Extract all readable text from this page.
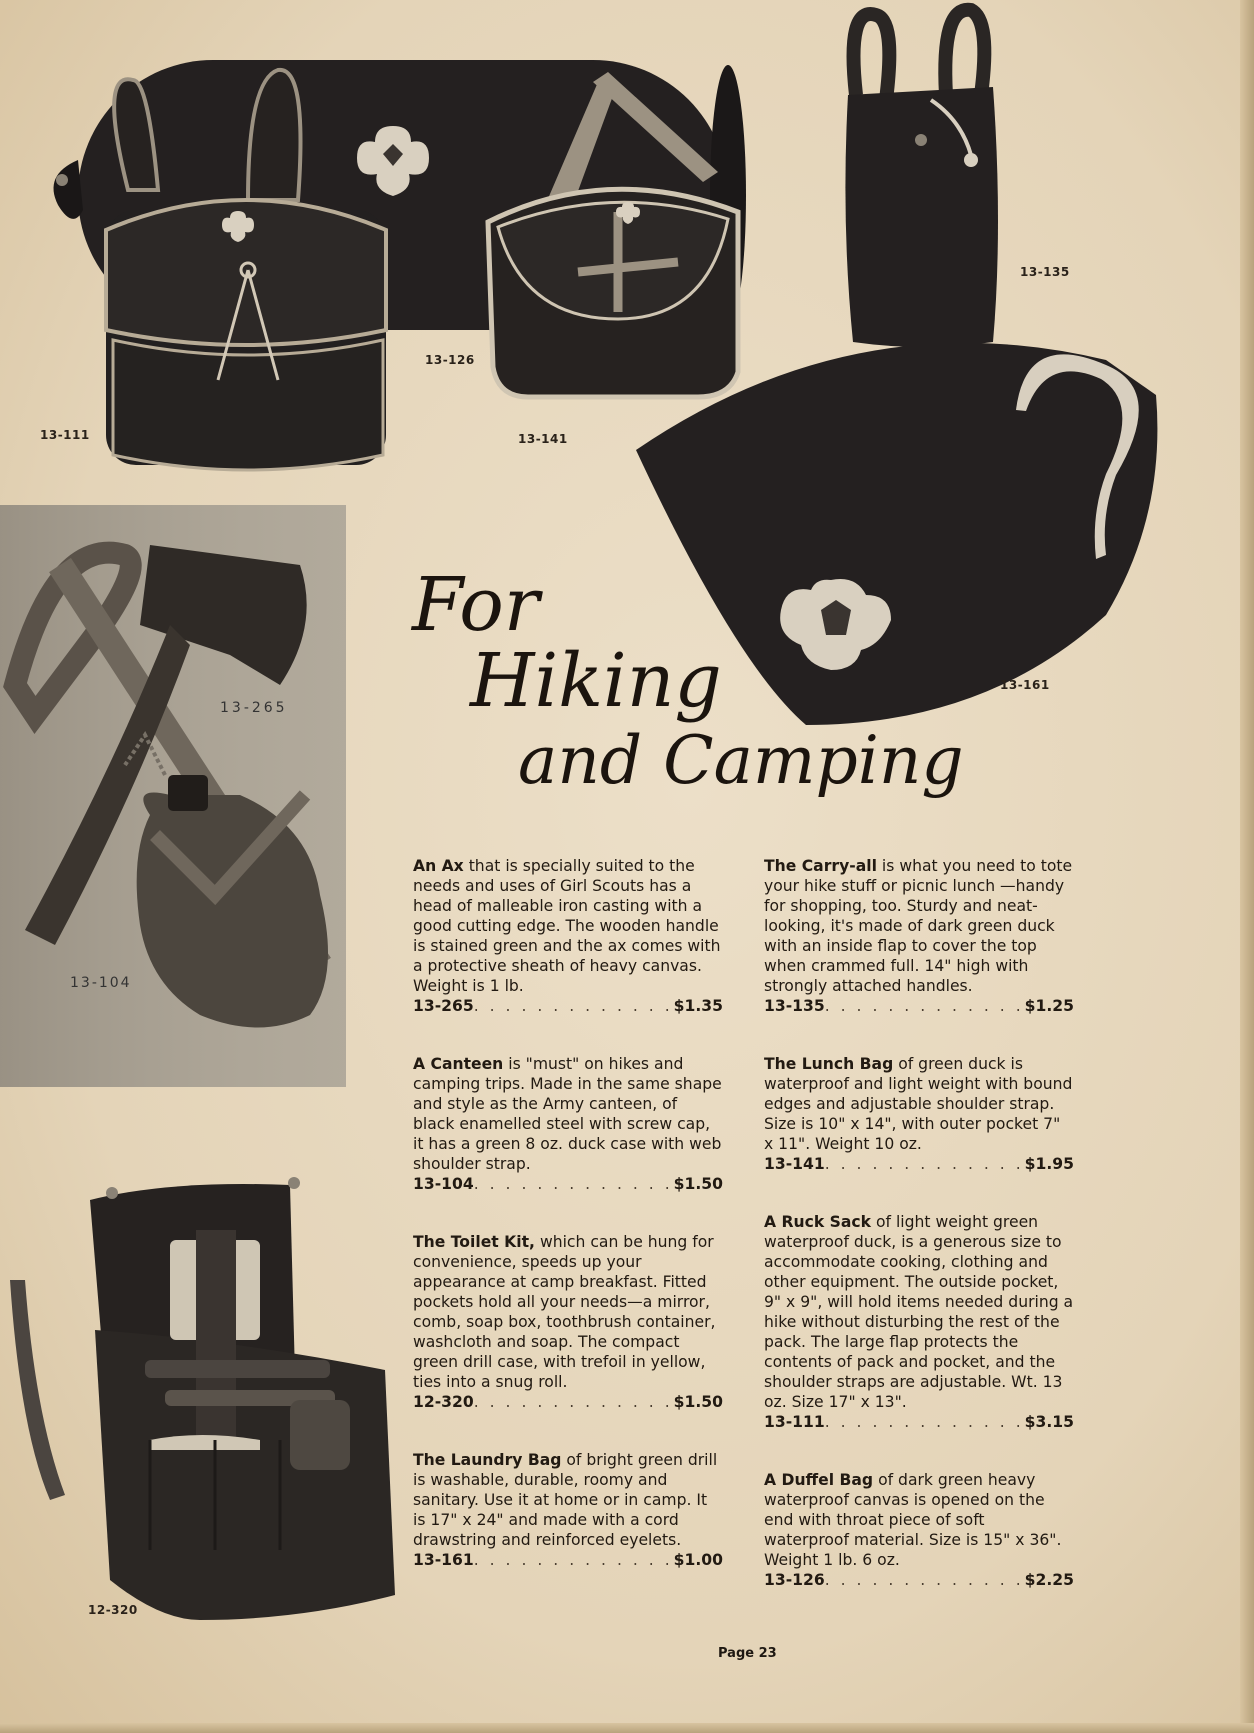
13-111
13-126
13-141
13-135
13-161
13-265
13-104
12-320
For
Hiking
and Camping
An Ax that is specially suited to the needs and uses of Girl Scouts has a head of malleable iron casting with a good cutting edge. The wooden handle is stained green and the ax comes with a protective sheath of heavy canvas. Weight is 1 lb.
13-265 . . .	$1.35
A Canteen is "must" on hikes and camping trips. Made in the same shape and style as the Army canteen, of black enamelled steel with screw cap, it has a green 8 oz. duck case with web shoulder strap.
13-104 . . .	$1.50
The Toilet Kit, which can be hung for convenience, speeds up your appearance at camp breakfast. Fitted pockets hold all your needs—a mirror, comb, soap box, toothbrush container, washcloth and soap. The compact green drill case, with trefoil in yellow, ties into a snug roll.
12-320 . . .	$1.50
The Laundry Bag of bright green drill is washable, durable, roomy and sanitary. Use it at home or in camp. It is 17" x 24" and made with a cord drawstring and reinforced eyelets.
13-161 . . .	$1.00
The Carry-all is what you need to tote your hike stuff or picnic lunch —handy for shopping, too. Sturdy and neat-looking, it's made of dark green duck with an inside flap to cover the top when crammed full. 14" high with strongly attached handles.
13-135 . . .	$1.25
The Lunch Bag of green duck is waterproof and light weight with bound edges and adjustable shoulder strap. Size is 10" x 14", with outer pocket 7" x 11". Weight 10 oz.
13-141 . . .	$1.95
A Ruck Sack of light weight green waterproof duck, is a generous size to accommodate cooking, clothing and other equipment. The outside pocket, 9" x 9", will hold items needed during a hike without disturbing the rest of the pack. The large flap protects the contents of pack and pocket, and the shoulder straps are adjustable. Wt. 13 oz. Size 17" x 13".
13-111 . . .	$3.15
A Duffel Bag of dark green heavy waterproof canvas is opened on the end with throat piece of soft waterproof material. Size is 15" x 36". Weight 1 lb. 6 oz.
13-126 . . .	$2.25
Page 23
